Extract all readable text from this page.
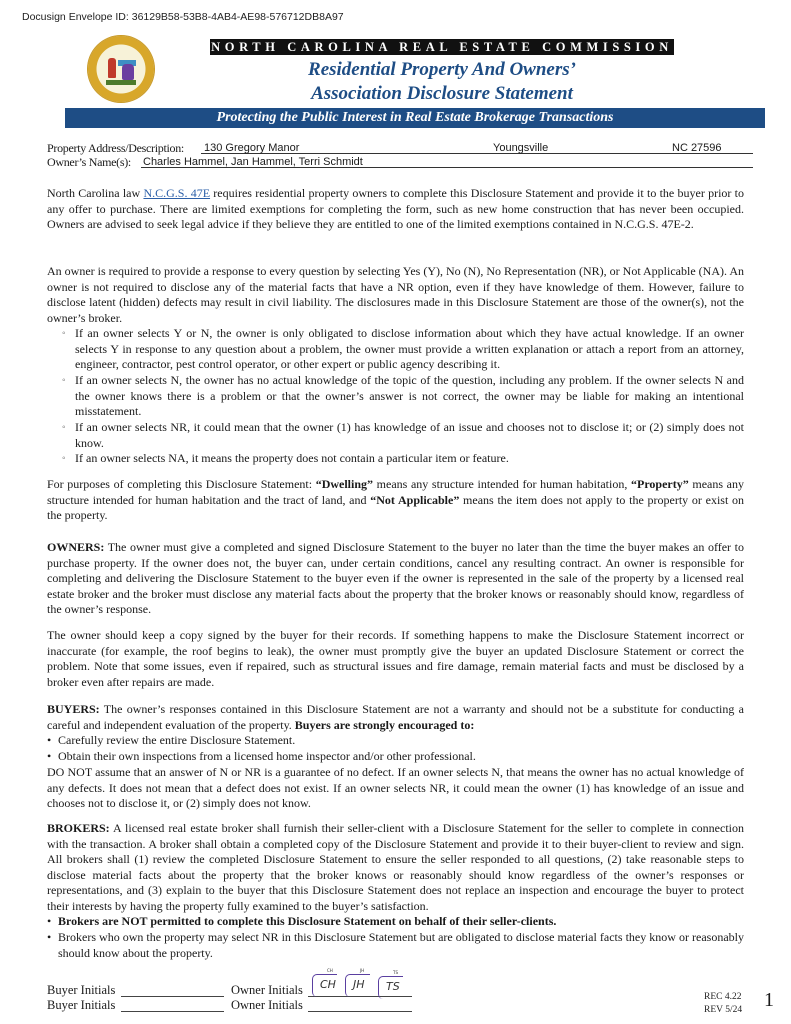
Docusign Envelope ID: 36129B58-53B8-4AB4-AE98-576712DB8A97
NORTH CAROLINA REAL ESTATE COMMISSION
Residential Property And Owners’
Association Disclosure Statement
Protecting the Public Interest in Real Estate Brokerage Transactions
Property Address/Description:	130 Gregory Manor	Youngsville	NC 27596
Owner’s Name(s):	Charles Hammel, Jan Hammel, Terri Schmidt
North Carolina law N.C.G.S. 47E requires residential property owners to complete this Disclosure Statement and provide it to the buyer prior to any offer to purchase. There are limited exemptions for completing the form, such as new home construction that has never been occupied. Owners are advised to seek legal advice if they believe they are entitled to one of the limited exemptions contained in N.C.G.S. 47E-2.
An owner is required to provide a response to every question by selecting Yes (Y), No (N), No Representation (NR), or Not Applicable (NA). An owner is not required to disclose any of the material facts that have a NR option, even if they have knowledge of them. However, failure to disclose latent (hidden) defects may result in civil liability. The disclosures made in this Disclosure Statement are those of the owner(s), not the owner’s broker.
◦ If an owner selects Y or N, the owner is only obligated to disclose information about which they have actual knowledge. If an owner selects Y in response to any question about a problem, the owner must provide a written explanation or attach a report from an attorney, engineer, contractor, pest control operator, or other expert or public agency describing it.
◦ If an owner selects N, the owner has no actual knowledge of the topic of the question, including any problem. If the owner selects N and the owner knows there is a problem or that the owner’s answer is not correct, the owner may be liable for making an intentional misstatement.
◦ If an owner selects NR, it could mean that the owner (1) has knowledge of an issue and chooses not to disclose it; or (2) simply does not know.
◦ If an owner selects NA, it means the property does not contain a particular item or feature.
For purposes of completing this Disclosure Statement: “Dwelling” means any structure intended for human habitation, “Property” means any structure intended for human habitation and the tract of land, and “Not Applicable” means the item does not apply to the property or exist on the property.
OWNERS: The owner must give a completed and signed Disclosure Statement to the buyer no later than the time the buyer makes an offer to purchase property. If the owner does not, the buyer can, under certain conditions, cancel any resulting contract. An owner is responsible for completing and delivering the Disclosure Statement to the buyer even if the owner is represented in the sale of the property by a licensed real estate broker and the broker must disclose any material facts about the property that the broker knows or reasonably should know, regardless of the owner’s response.
The owner should keep a copy signed by the buyer for their records. If something happens to make the Disclosure Statement incorrect or inaccurate (for example, the roof begins to leak), the owner must promptly give the buyer an updated Disclosure Statement or correct the problem. Note that some issues, even if repaired, such as structural issues and fire damage, remain material facts and must be disclosed by a broker even after repairs are made.
BUYERS: The owner’s responses contained in this Disclosure Statement are not a warranty and should not be a substitute for conducting a careful and independent evaluation of the property. Buyers are strongly encouraged to:
• Carefully review the entire Disclosure Statement.
• Obtain their own inspections from a licensed home inspector and/or other professional.
DO NOT assume that an answer of N or NR is a guarantee of no defect. If an owner selects N, that means the owner has no actual knowledge of any defects. It does not mean that a defect does not exist. If an owner selects NR, it could mean the owner (1) has knowledge of an issue and chooses not to disclose it, or (2) simply does not know.
BROKERS: A licensed real estate broker shall furnish their seller-client with a Disclosure Statement for the seller to complete in connection with the transaction. A broker shall obtain a completed copy of the Disclosure Statement and provide it to their buyer-client to review and sign. All brokers shall (1) review the completed Disclosure Statement to ensure the seller responded to all questions, (2) take reasonable steps to disclose material facts about the property that the broker knows or reasonably should know regardless of the owner’s responses or representations, and (3) explain to the buyer that this Disclosure Statement does not replace an inspection and encourage the buyer to protect their interests by having the property fully examined to the buyer’s satisfaction.
• Brokers are NOT permitted to complete this Disclosure Statement on behalf of their seller-clients.
• Brokers who own the property may select NR in this Disclosure Statement but are obligated to disclose material facts they know or reasonably should know about the property.
Buyer Initials	Owner Initials
CH
CH
JH
JH
TS
TS
Buyer Initials	Owner Initials
REC 4.22
REV 5/24 1
